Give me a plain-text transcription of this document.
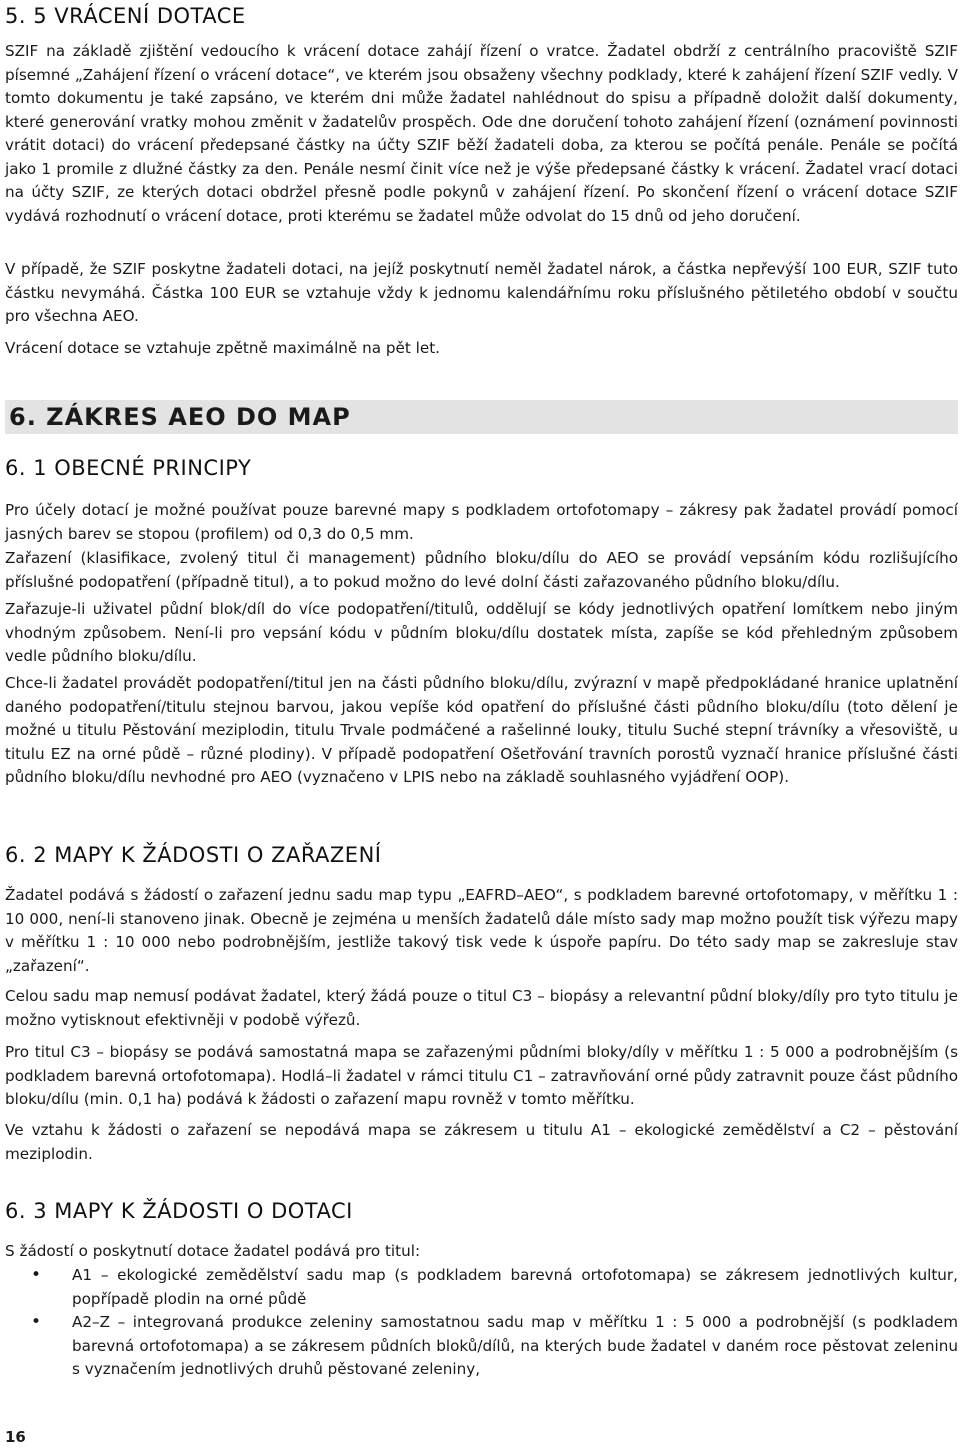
5. 5 VRÁCENÍ DOTACE

SZIF na základě zjištění vedoucího k vrácení dotace zahájí řízení o vratce. Žadatel obdrží z centrálního pracoviště SZIF písemné „Zahájení řízení o vrácení dotace“, ve kterém jsou obsaženy všechny podklady, které k zahájení řízení SZIF vedly. V tomto dokumentu je také zapsáno, ve kterém dni může žadatel nahlédnout do spisu a případně doložit další dokumenty, které generování vratky mohou změnit v žadatelův prospěch. Ode dne doručení tohoto zahájení řízení (oznámení povinnosti vrátit dotaci) do vrácení předepsané částky na účty SZIF běží žadateli doba, za kterou se počítá penále. Penále se počítá jako 1 promile z dlužné částky za den. Penále nesmí činit více než je výše předepsané částky k vrácení. Žadatel vrací dotaci na účty SZIF, ze kterých dotaci obdržel přesně podle pokynů v zahájení řízení. Po skončení řízení o vrácení dotace SZIF vydává rozhodnutí o vrácení dotace, proti kterému se žadatel může odvolat do 15 dnů od jeho doručení.

V případě, že SZIF poskytne žadateli dotaci, na jejíž poskytnutí neměl žadatel nárok, a částka nepřevýší 100 EUR, SZIF tuto částku nevymáhá. Částka 100 EUR se vztahuje vždy k jednomu kalendářnímu roku příslušného pětiletého období v součtu pro všechna AEO.

Vrácení dotace se vztahuje zpětně maximálně na pět let.

6. ZÁKRES AEO DO MAP
6. 1 OBECNÉ PRINCIPY

Pro účely dotací je možné používat pouze barevné mapy s podkladem ortofotomapy – zákresy pak žadatel provádí pomocí jasných barev se stopou (profilem) od 0,3 do 0,5 mm.

Zařazení (klasifikace, zvolený titul či management) půdního bloku/dílu do AEO se provádí vepsáním kódu rozlišujícího příslušné podopatření (případně titul), a to pokud možno do levé dolní části zařazovaného půdního bloku/dílu.

Zařazuje-li uživatel půdní blok/díl do více podopatření/titulů, oddělují se kódy jednotlivých opatření lomítkem nebo jiným vhodným způsobem. Není-li pro vepsání kódu v půdním bloku/dílu dostatek místa, zapíše se kód přehledným způsobem vedle půdního bloku/dílu.

Chce-li žadatel provádět podopatření/titul jen na části půdního bloku/dílu, zvýrazní v mapě předpokládané hranice uplatnění daného podopatření/titulu stejnou barvou, jakou vepíše kód opatření do příslušné části půdního bloku/dílu (toto dělení je možné u titulu Pěstování meziplodin, titulu Trvale podmáčené a rašelinné louky, titulu Suché stepní trávníky a vřesoviště, u titulu EZ na orné půdě – různé plodiny). V případě podopatření Ošetřování travních porostů vyznačí hranice příslušné části půdního bloku/dílu nevhodné pro AEO (vyznačeno v LPIS nebo na základě souhlasného vyjádření OOP).

6. 2 MAPY K ŽÁDOSTI O ZAŘAZENÍ

Žadatel podává s žádostí o zařazení jednu sadu map typu „EAFRD–AEO“, s podkladem barevné ortofotomapy, v měřítku 1 : 10 000, není-li stanoveno jinak. Obecně je zejména u menších žadatelů dále místo sady map možno použít tisk výřezu mapy v měřítku 1 : 10 000 nebo podrobnějším, jestliže takový tisk vede k úspoře papíru. Do této sady map se zakresluje stav „zařazení“.

Celou sadu map nemusí podávat žadatel, který žádá pouze o titul C3 – biopásy a relevantní půdní bloky/díly pro tyto titulu je možno vytisknout efektivněji v podobě výřezů.

Pro titul C3 – biopásy se podává samostatná mapa se zařazenými půdními bloky/díly v měřítku 1 : 5 000 a podrobnějším (s podkladem barevná ortofotomapa). Hodlá–li žadatel v rámci titulu C1 – zatravňování orné půdy zatravnit pouze část půdního bloku/dílu (min. 0,1 ha) podává k žádosti o zařazení mapu rovněž v tomto měřítku.

Ve vztahu k žádosti o zařazení se nepodává mapa se zákresem u titulu A1 – ekologické zemědělství a C2 – pěstování meziplodin.

6. 3 MAPY K ŽÁDOSTI O DOTACI

S žádostí o poskytnutí dotace žadatel podává pro titul:

• A1 – ekologické zemědělství sadu map (s podkladem barevná ortofotomapa) se zákresem jednotlivých kultur, popřípadě plodin na orné půdě
• A2–Z – integrovaná produkce zeleniny samostatnou sadu map v měřítku 1 : 5 000 a podrobnější (s podkladem barevná ortofotomapa) a se zákresem půdních bloků/dílů, na kterých bude žadatel v daném roce pěstovat zeleninu s vyznačením jednotlivých druhů pěstované zeleniny,
16
